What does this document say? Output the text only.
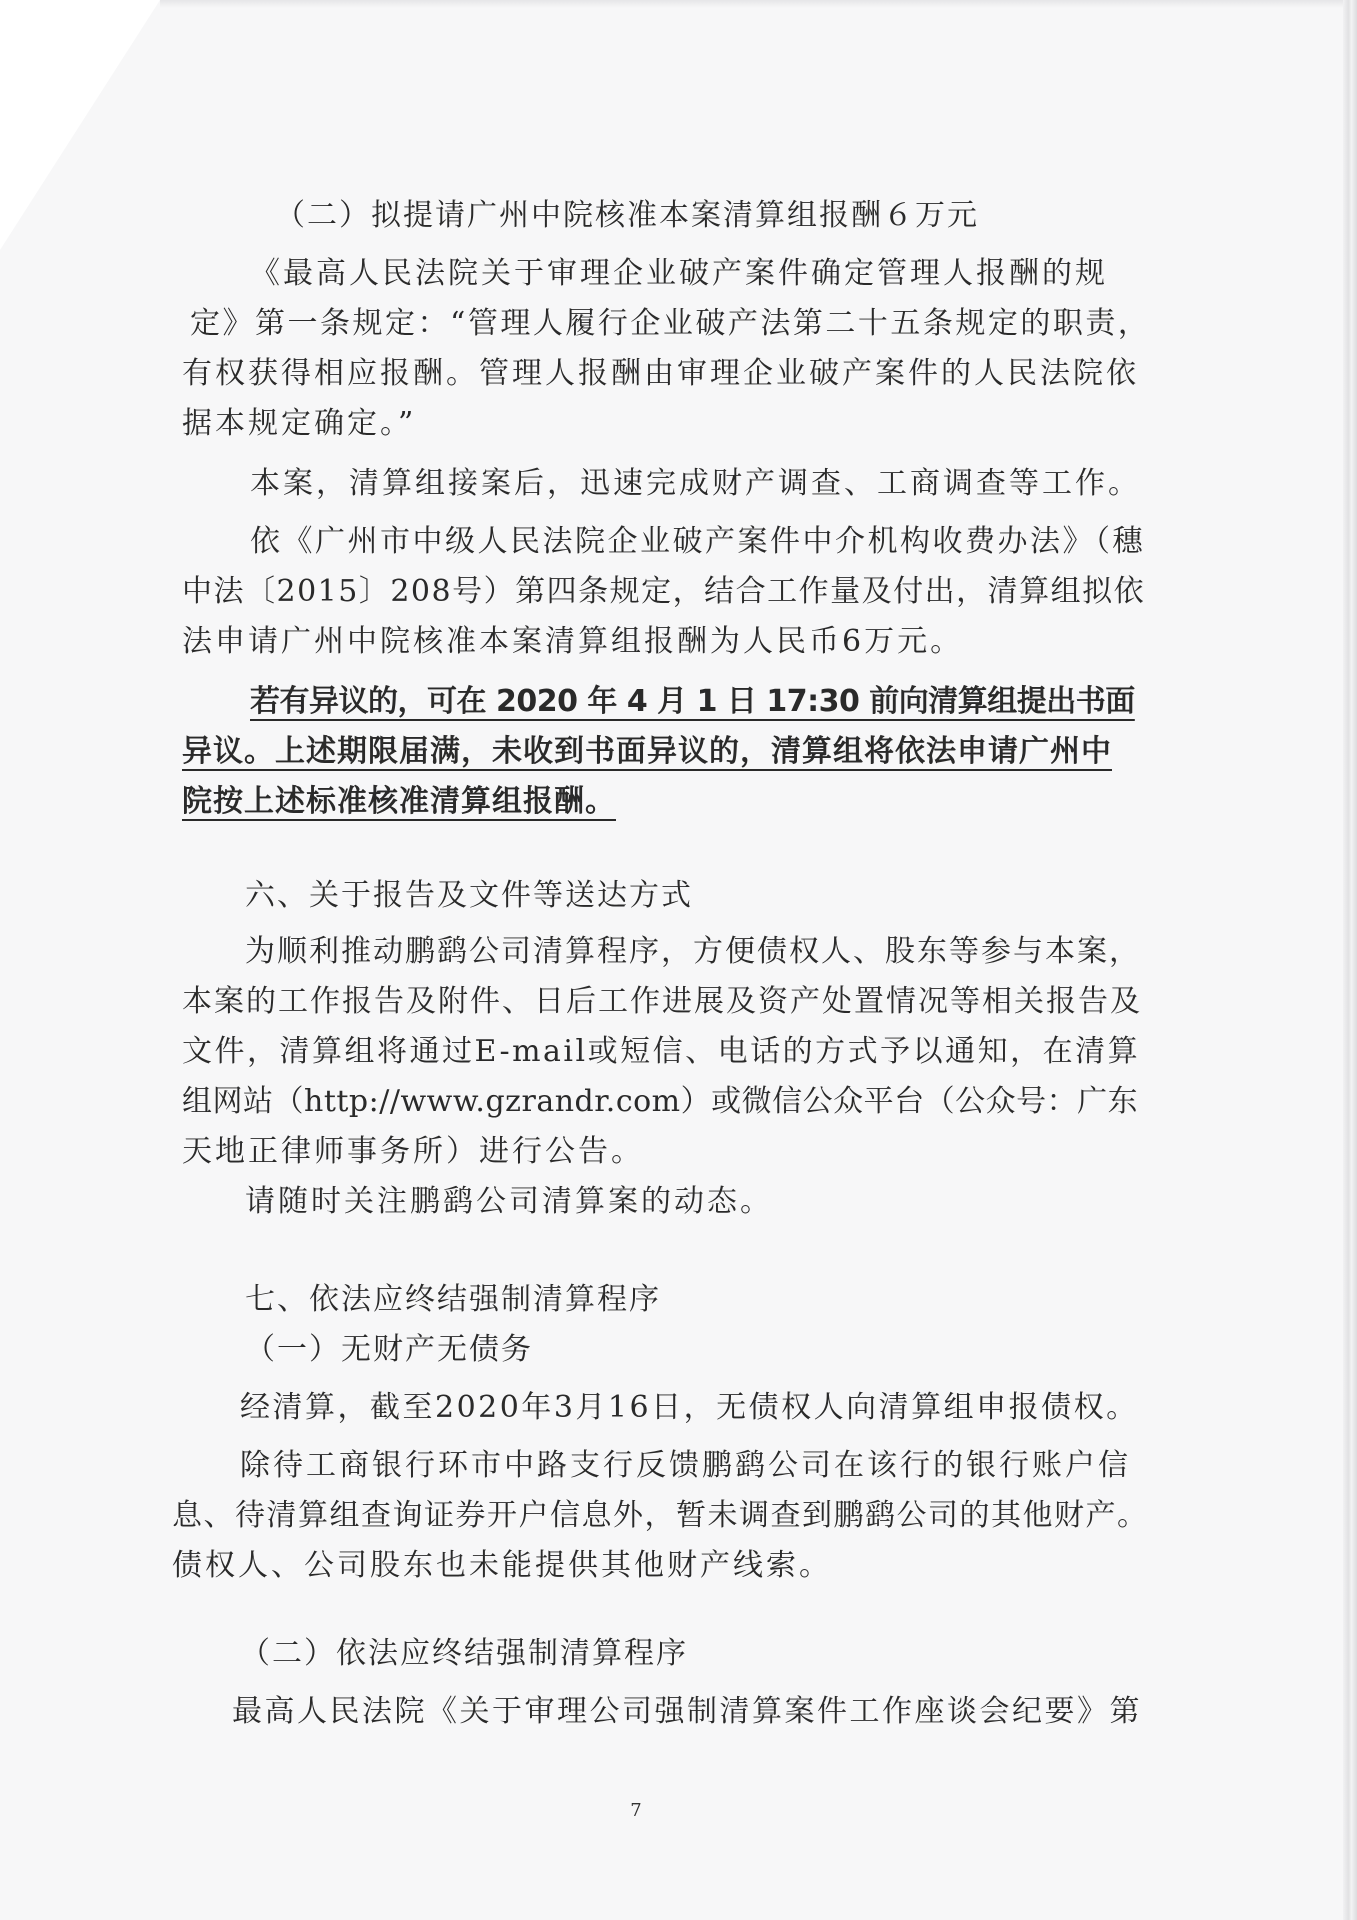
（二）拟提请广州中院核准本案清算组报酬６万元

《最高人民法院关于审理企业破产案件确定管理人报酬的规

定》第一条规定：“管理人履行企业破产法第二十五条规定的职责，

有权获得相应报酬。管理人报酬由审理企业破产案件的人民法院依

据本规定确定。”

本案，清算组接案后，迅速完成财产调查、工商调查等工作。

依《广州市中级人民法院企业破产案件中介机构收费办法》（穗

中法〔2015〕208号）第四条规定，结合工作量及付出，清算组拟依

法申请广州中院核准本案清算组报酬为人民币6万元。

若有异议的，可在 2020 年 4 月 1 日 17:30 前向清算组提出书面

异议。上述期限届满，未收到书面异议的，清算组将依法申请广州中

院按上述标准核准清算组报酬。

六、关于报告及文件等送达方式

为顺利推动鹏鹞公司清算程序，方便债权人、股东等参与本案，

本案的工作报告及附件、日后工作进展及资产处置情况等相关报告及

文件，清算组将通过E-mail或短信、电话的方式予以通知，在清算

组网站（http://www.gzrandr.com）或微信公众平台（公众号：广东

天地正律师事务所）进行公告。

请随时关注鹏鹞公司清算案的动态。

七、依法应终结强制清算程序

（一）无财产无债务

经清算，截至2020年3月16日，无债权人向清算组申报债权。

除待工商银行环市中路支行反馈鹏鹞公司在该行的银行账户信

息、待清算组查询证券开户信息外，暂未调查到鹏鹞公司的其他财产。

债权人、公司股东也未能提供其他财产线索。

（二）依法应终结强制清算程序

最高人民法院《关于审理公司强制清算案件工作座谈会纪要》第

7
